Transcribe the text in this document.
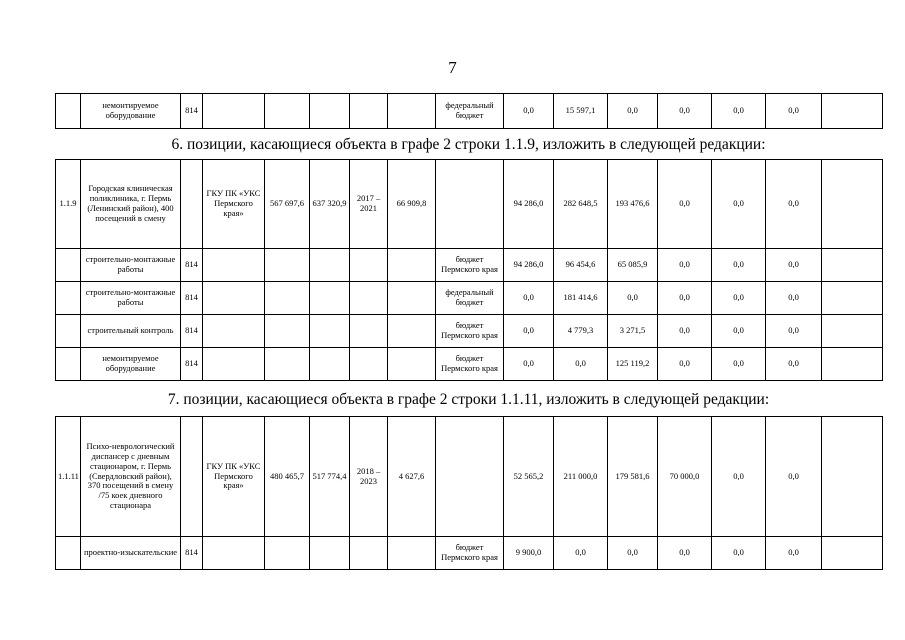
7
	немонтируемое оборудование	814						федеральный бюджет	0,0	15 597,1	0,0	0,0	0,0	0,0	
6. позиции, касающиеся объекта в графе 2 строки 1.1.9, изложить в следующей редакции:
1.1.9	Городская клиническая поликлиника, г. Пермь (Ленинский район), 400 посещений в смену		ГКУ ПК «УКС Пермского края»	567 697,6	637 320,9	2017 – 2021	66 909,8		94 286,0	282 648,5	193 476,6	0,0	0,0	0,0	
	строительно-монтажные работы	814						бюджет Пермского края	94 286,0	96 454,6	65 085,9	0,0	0,0	0,0	
	строительно-монтажные работы	814						федеральный бюджет	0,0	181 414,6	0,0	0,0	0,0	0,0	
	строительный контроль	814						бюджет Пермского края	0,0	4 779,3	3 271,5	0,0	0,0	0,0	
	немонтируемое оборудование	814						бюджет Пермского края	0,0	0,0	125 119,2	0,0	0,0	0,0	
7. позиции, касающиеся объекта в графе 2 строки 1.1.11, изложить в следующей редакции:
1.1.11	Психо-неврологический диспансер с дневным стационаром, г. Пермь (Свердловский район), 370 посещений в смену /75 коек дневного стационара		ГКУ ПК «УКС Пермского края»	480 465,7	517 774,4	2018 – 2023	4 627,6		52 565,2	211 000,0	179 581,6	70 000,0	0,0	0,0	
	проектно-изыскательские	814						бюджет Пермского края	9 900,0	0,0	0,0	0,0	0,0	0,0	
